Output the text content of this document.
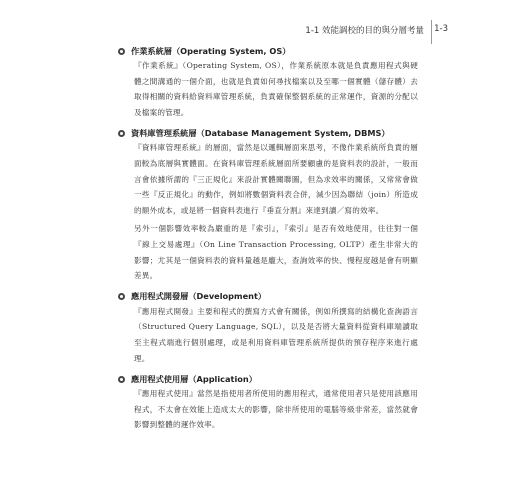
1-1 效能調校的目的與分層考量 1-3
作業系統層（Operating System, OS）

『作業系統』（Operating System, OS），作業系統原本就是負責應用程式與硬體之間溝通的一個介面，也就是負責如何尋找檔案以及至哪一個實體（儲存體）去取得相關的資料給資料庫管理系統，負責確保整個系統的正常運作，資源的分配以及檔案的管理。

資料庫管理系統層（Database Management System, DBMS）

『資料庫管理系統』的層面，當然是以邏輯層面來思考，不像作業系統所負責的層面較為底層與實體面。在資料庫管理系統層面所要顧慮的是資料表的設計，一般而言會依據所謂的『三正規化』來設計實體關聯圖，但為求效率的關係，又常常會做一些『反正規化』的動作，例如將數個資料表合併，減少因為聯結（join）所造成的額外成本，或是將一個資料表進行『垂直分割』來達到讀／寫的效率。

另外一個影響效率較為嚴重的是『索引』，『索引』是否有效地使用，往往對一個『線上交易處理』（On Line Transaction Processing, OLTP）產生非常大的影響；尤其是一個資料表的資料量越是龐大，查詢效率的快、慢程度越是會有明顯差異。

應用程式開發層（Development）

『應用程式開發』主要和程式的撰寫方式會有關係，例如所撰寫的結構化查詢語言（Structured Query Language, SQL），以及是否將大量資料從資料庫端讀取至主程式端進行個別處理，或是利用資料庫管理系統所提供的預存程序來進行處理。

應用程式使用層（Application）

『應用程式使用』當然是指使用者所使用的應用程式，通常使用者只是使用該應用程式，不太會在效能上造成太大的影響，除非所使用的電腦等級非常差，當然就會影響到整體的運作效率。
